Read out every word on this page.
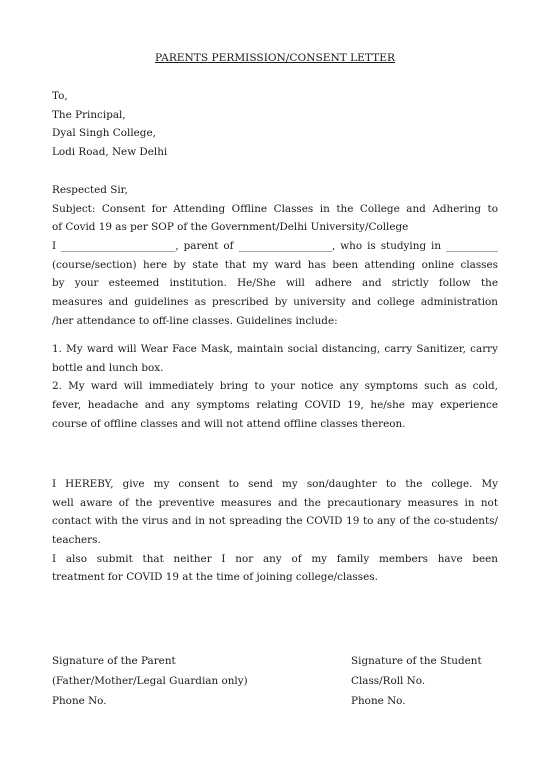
PARENTS PERMISSION/CONSENT LETTER
To,
The Principal,
Dyal Singh College,
Lodi Road, New Delhi
Respected Sir,
Subject: Consent for Attending Offline Classes in the College and Adhering to
of Covid 19 as per SOP of the Government/Delhi University/College
I ______________________, parent of __________________, who is studying in __________
(course/section) here by state that my ward has been attending online classes
by your esteemed institution. He/She will adhere and strictly follow the
measures and guidelines as prescribed by university and college administration
/her attendance to off-line classes. Guidelines include:
1. My ward will Wear Face Mask, maintain social distancing, carry Sanitizer, carry
bottle and lunch box.
2. My ward will immediately bring to your notice any symptoms such as cold,
fever, headache and any symptoms relating COVID 19, he/she may experience
course of offline classes and will not attend offline classes thereon.
I HEREBY, give my consent to send my son/daughter to the college. My
well aware of the preventive measures and the precautionary measures in not
contact with the virus and in not spreading the COVID 19 to any of the co-students/
teachers.
I also submit that neither I nor any of my family members have been
treatment for COVID 19 at the time of joining college/classes.
Signature of the Parent
(Father/Mother/Legal Guardian only)
Phone No.
Signature of the Student
Class/Roll No.
Phone No.
